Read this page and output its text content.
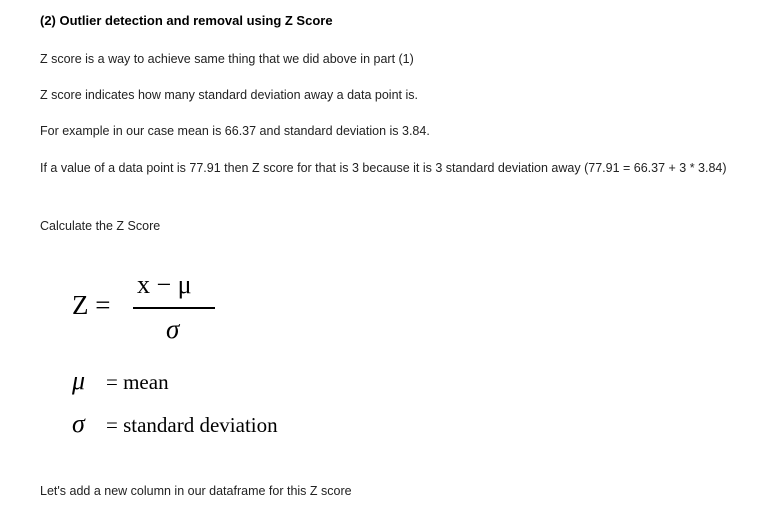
(2) Outlier detection and removal using Z Score
Z score is a way to achieve same thing that we did above in part (1)
Z score indicates how many standard deviation away a data point is.
For example in our case mean is 66.37 and standard deviation is 3.84.
If a value of a data point is 77.91 then Z score for that is 3 because it is 3 standard deviation away (77.91 = 66.37 + 3 * 3.84)
Calculate the Z Score
Z =
x − μ
σ
μ = mean
σ = standard deviation
Let's add a new column in our dataframe for this Z score
